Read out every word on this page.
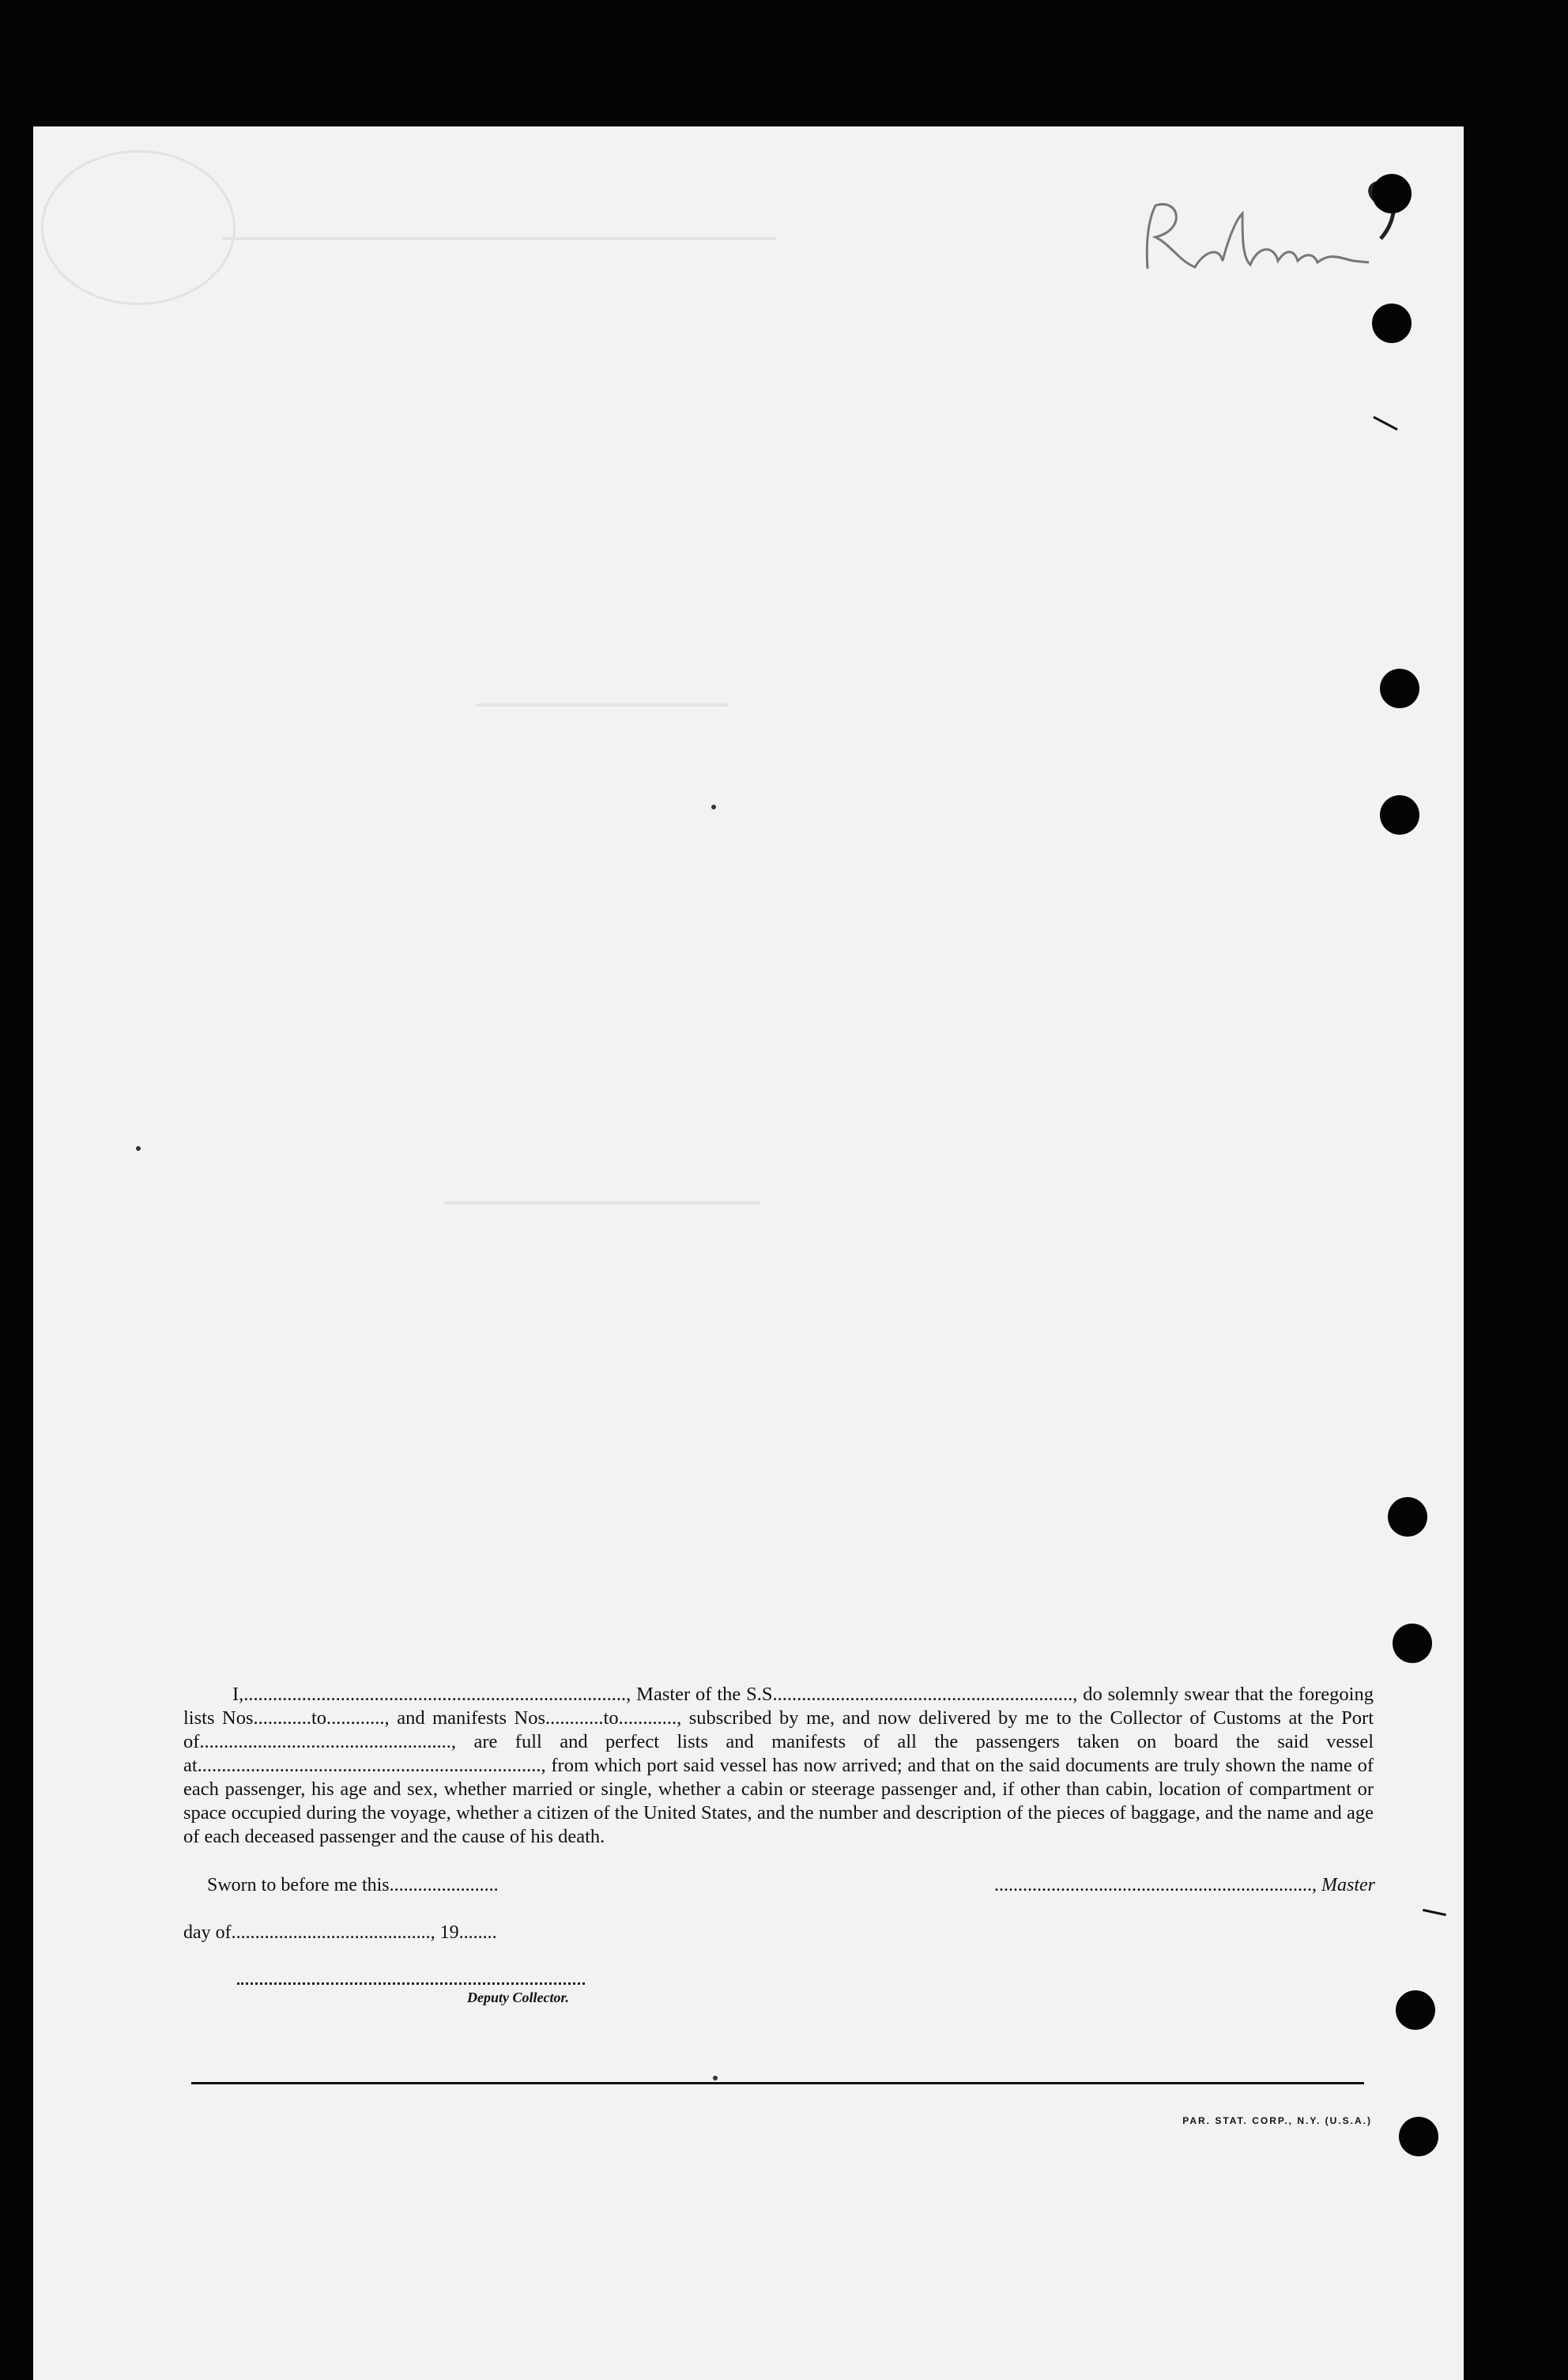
I,..............................................................................., Master of the S.S.............................................................., do solemnly swear that the foregoing lists Nos............to............, and manifests Nos............to............, subscribed by me, and now delivered by me to the Collector of Customs at the Port of...................................................., are full and perfect lists and manifests of all the passengers taken on board the said vessel at......................................................................., from which port said vessel has now arrived; and that on the said documents are truly shown the name of each passenger, his age and sex, whether married or single, whether a cabin or steerage passenger and, if other than cabin, location of compartment or space occupied during the voyage, whether a citizen of the United States, and the number and description of the pieces of baggage, and the name and age of each deceased passenger and the cause of his death.

Sworn to before me this.......................	..................................................................., Master
day of.........................................., 19........
Deputy Collector.
PAR. STAT. CORP., N.Y. (U.S.A.)
